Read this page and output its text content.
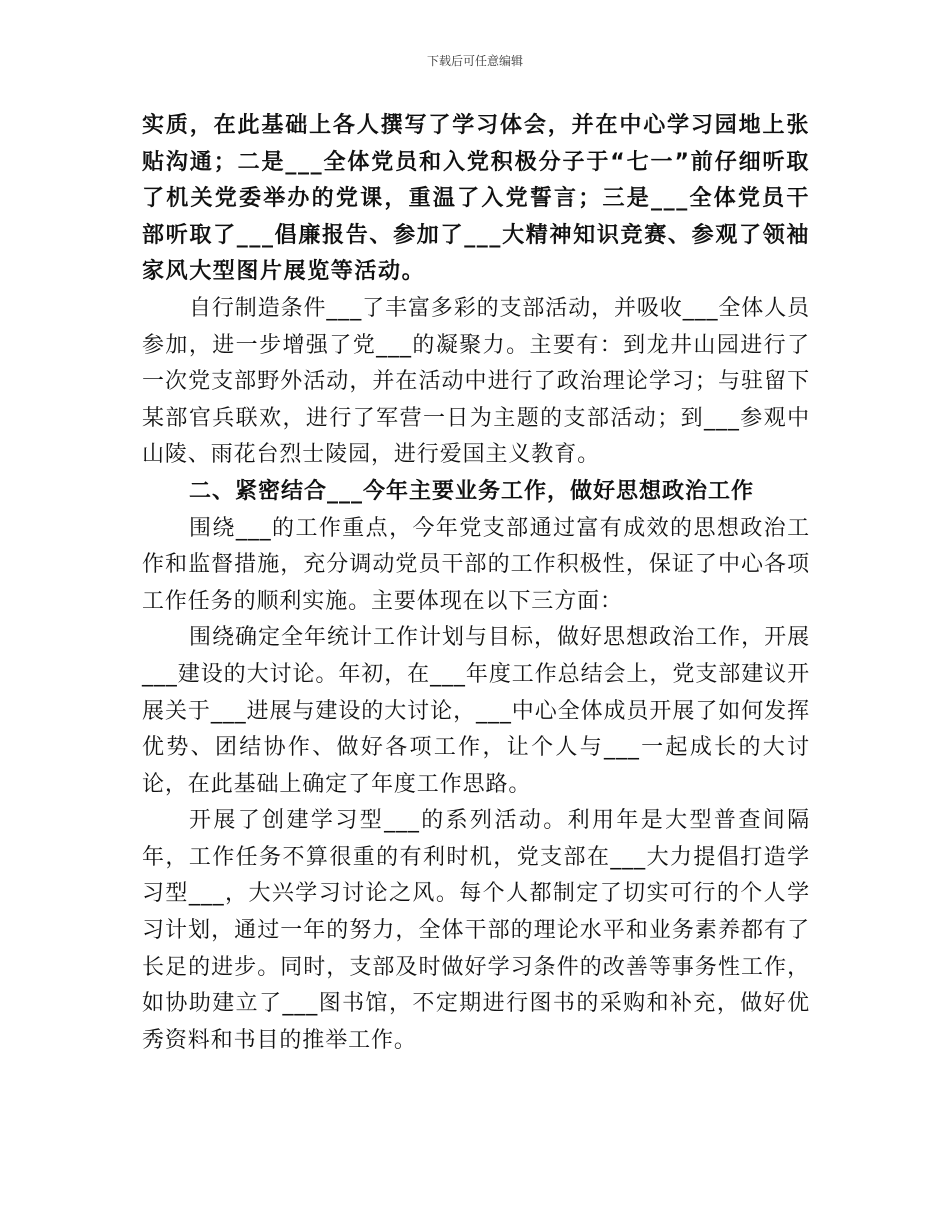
下载后可任意编辑

实质，在此基础上各人撰写了学习体会，并在中心学习园地上张贴沟通；二是___全体党员和入党积极分子于“七一”前仔细听取了机关党委举办的党课，重温了入党誓言；三是___全体党员干部听取了___倡廉报告、参加了___大精神知识竞赛、参观了领袖家风大型图片展览等活动。

自行制造条件___了丰富多彩的支部活动，并吸收___全体人员参加，进一步增强了党___的凝聚力。主要有：到龙井山园进行了一次党支部野外活动，并在活动中进行了政治理论学习；与驻留下某部官兵联欢，进行了军营一日为主题的支部活动；到___参观中山陵、雨花台烈士陵园，进行爱国主义教育。

二、紧密结合___今年主要业务工作，做好思想政治工作

围绕___的工作重点，今年党支部通过富有成效的思想政治工作和监督措施，充分调动党员干部的工作积极性，保证了中心各项工作任务的顺利实施。主要体现在以下三方面：

围绕确定全年统计工作计划与目标，做好思想政治工作，开展___建设的大讨论。年初，在___年度工作总结会上，党支部建议开展关于___进展与建设的大讨论，___中心全体成员开展了如何发挥优势、团结协作、做好各项工作，让个人与___一起成长的大讨论，在此基础上确定了年度工作思路。

开展了创建学习型___的系列活动。利用年是大型普查间隔年，工作任务不算很重的有利时机，党支部在___大力提倡打造学习型___，大兴学习讨论之风。每个人都制定了切实可行的个人学习计划，通过一年的努力，全体干部的理论水平和业务素养都有了长足的进步。同时，支部及时做好学习条件的改善等事务性工作，如协助建立了___图书馆，不定期进行图书的采购和补充，做好优秀资料和书目的推举工作。
